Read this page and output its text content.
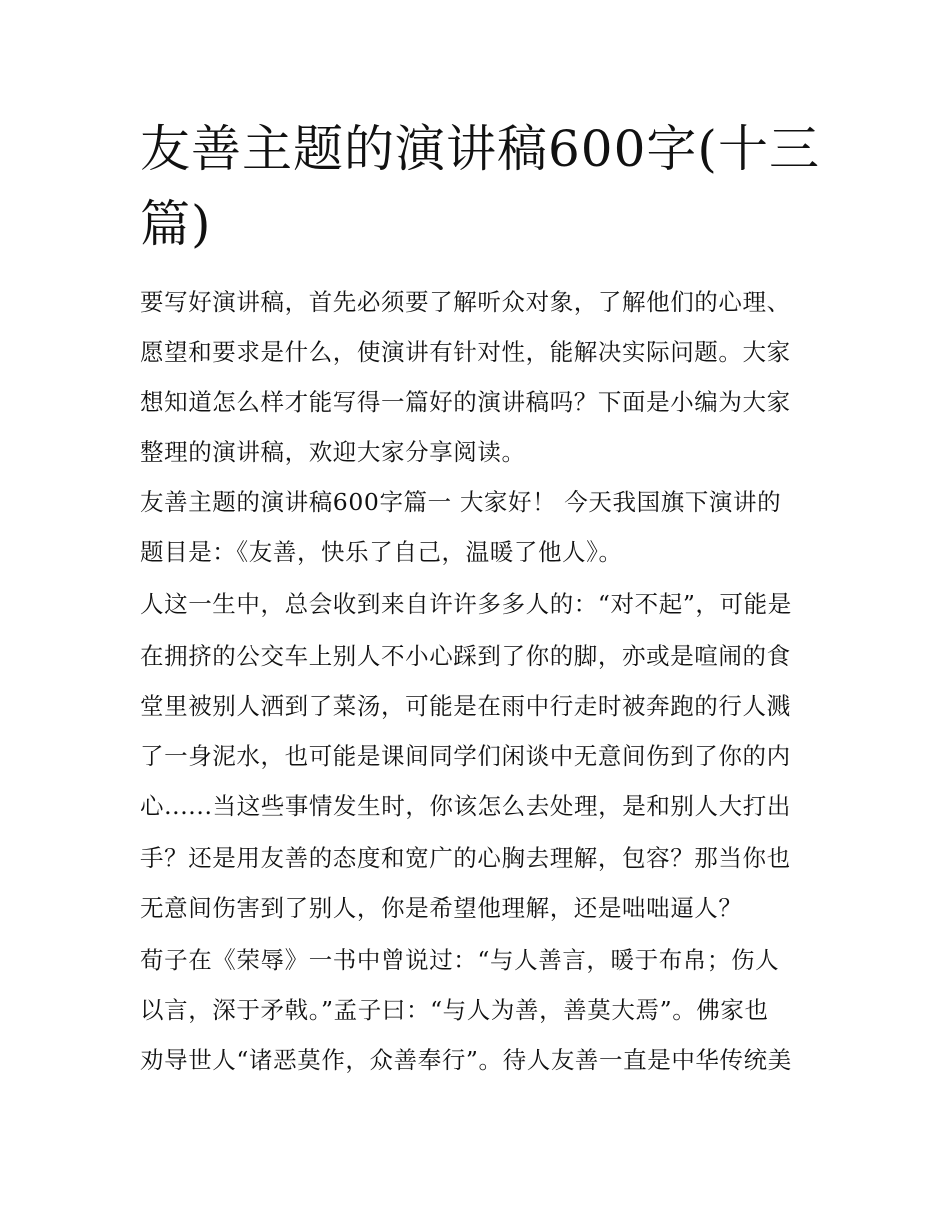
友善主题的演讲稿600字(十三篇)
要写好演讲稿，首先必须要了解听众对象，了解他们的心理、
愿望和要求是什么，使演讲有针对性，能解决实际问题。大家
想知道怎么样才能写得一篇好的演讲稿吗？下面是小编为大家
整理的演讲稿，欢迎大家分享阅读。
友善主题的演讲稿600字篇一 大家好！ 今天我国旗下演讲的
题目是：《友善，快乐了自己，温暖了他人》。
人这一生中，总会收到来自许许多多人的：“对不起”，可能是
在拥挤的公交车上别人不小心踩到了你的脚，亦或是喧闹的食
堂里被别人洒到了菜汤，可能是在雨中行走时被奔跑的行人溅
了一身泥水，也可能是课间同学们闲谈中无意间伤到了你的内
心......当这些事情发生时，你该怎么去处理，是和别人大打出
手？还是用友善的态度和宽广的心胸去理解，包容？那当你也
无意间伤害到了别人，你是希望他理解，还是咄咄逼人？
荀子在《荣辱》一书中曾说过：“与人善言，暖于布帛；伤人
以言，深于矛戟。”孟子曰：“与人为善，善莫大焉”。佛家也
劝导世人“诸恶莫作，众善奉行”。待人友善一直是中华传统美
